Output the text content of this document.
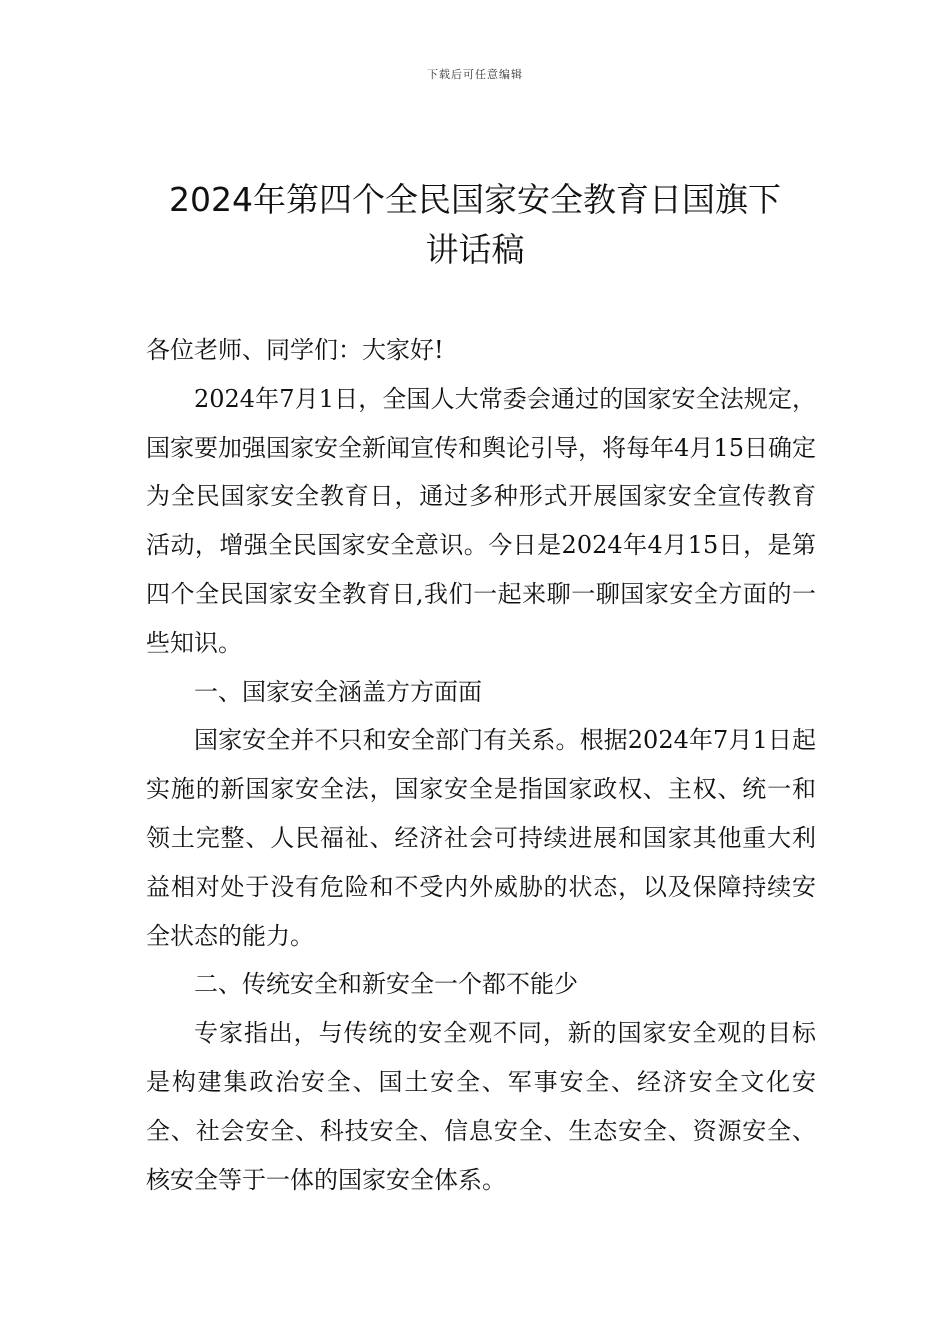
下载后可任意编辑
2024年第四个全民国家安全教育日国旗下
讲话稿

各位老师、同学们：大家好!

2024年7月1日，全国人大常委会通过的国家安全法规定，国家要加强国家安全新闻宣传和舆论引导，将每年4月15日确定为全民国家安全教育日，通过多种形式开展国家安全宣传教育活动，增强全民国家安全意识。今日是2024年4月15日，是第四个全民国家安全教育日,我们一起来聊一聊国家安全方面的一些知识。

一、国家安全涵盖方方面面

国家安全并不只和安全部门有关系。根据2024年7月1日起实施的新国家安全法，国家安全是指国家政权、主权、统一和领土完整、人民福祉、经济社会可持续进展和国家其他重大利益相对处于没有危险和不受内外威胁的状态，以及保障持续安全状态的能力。

二、传统安全和新安全一个都不能少

专家指出，与传统的安全观不同，新的国家安全观的目标是构建集政治安全、国土安全、军事安全、经济安全文化安全、社会安全、科技安全、信息安全、生态安全、资源安全、核安全等于一体的国家安全体系。
